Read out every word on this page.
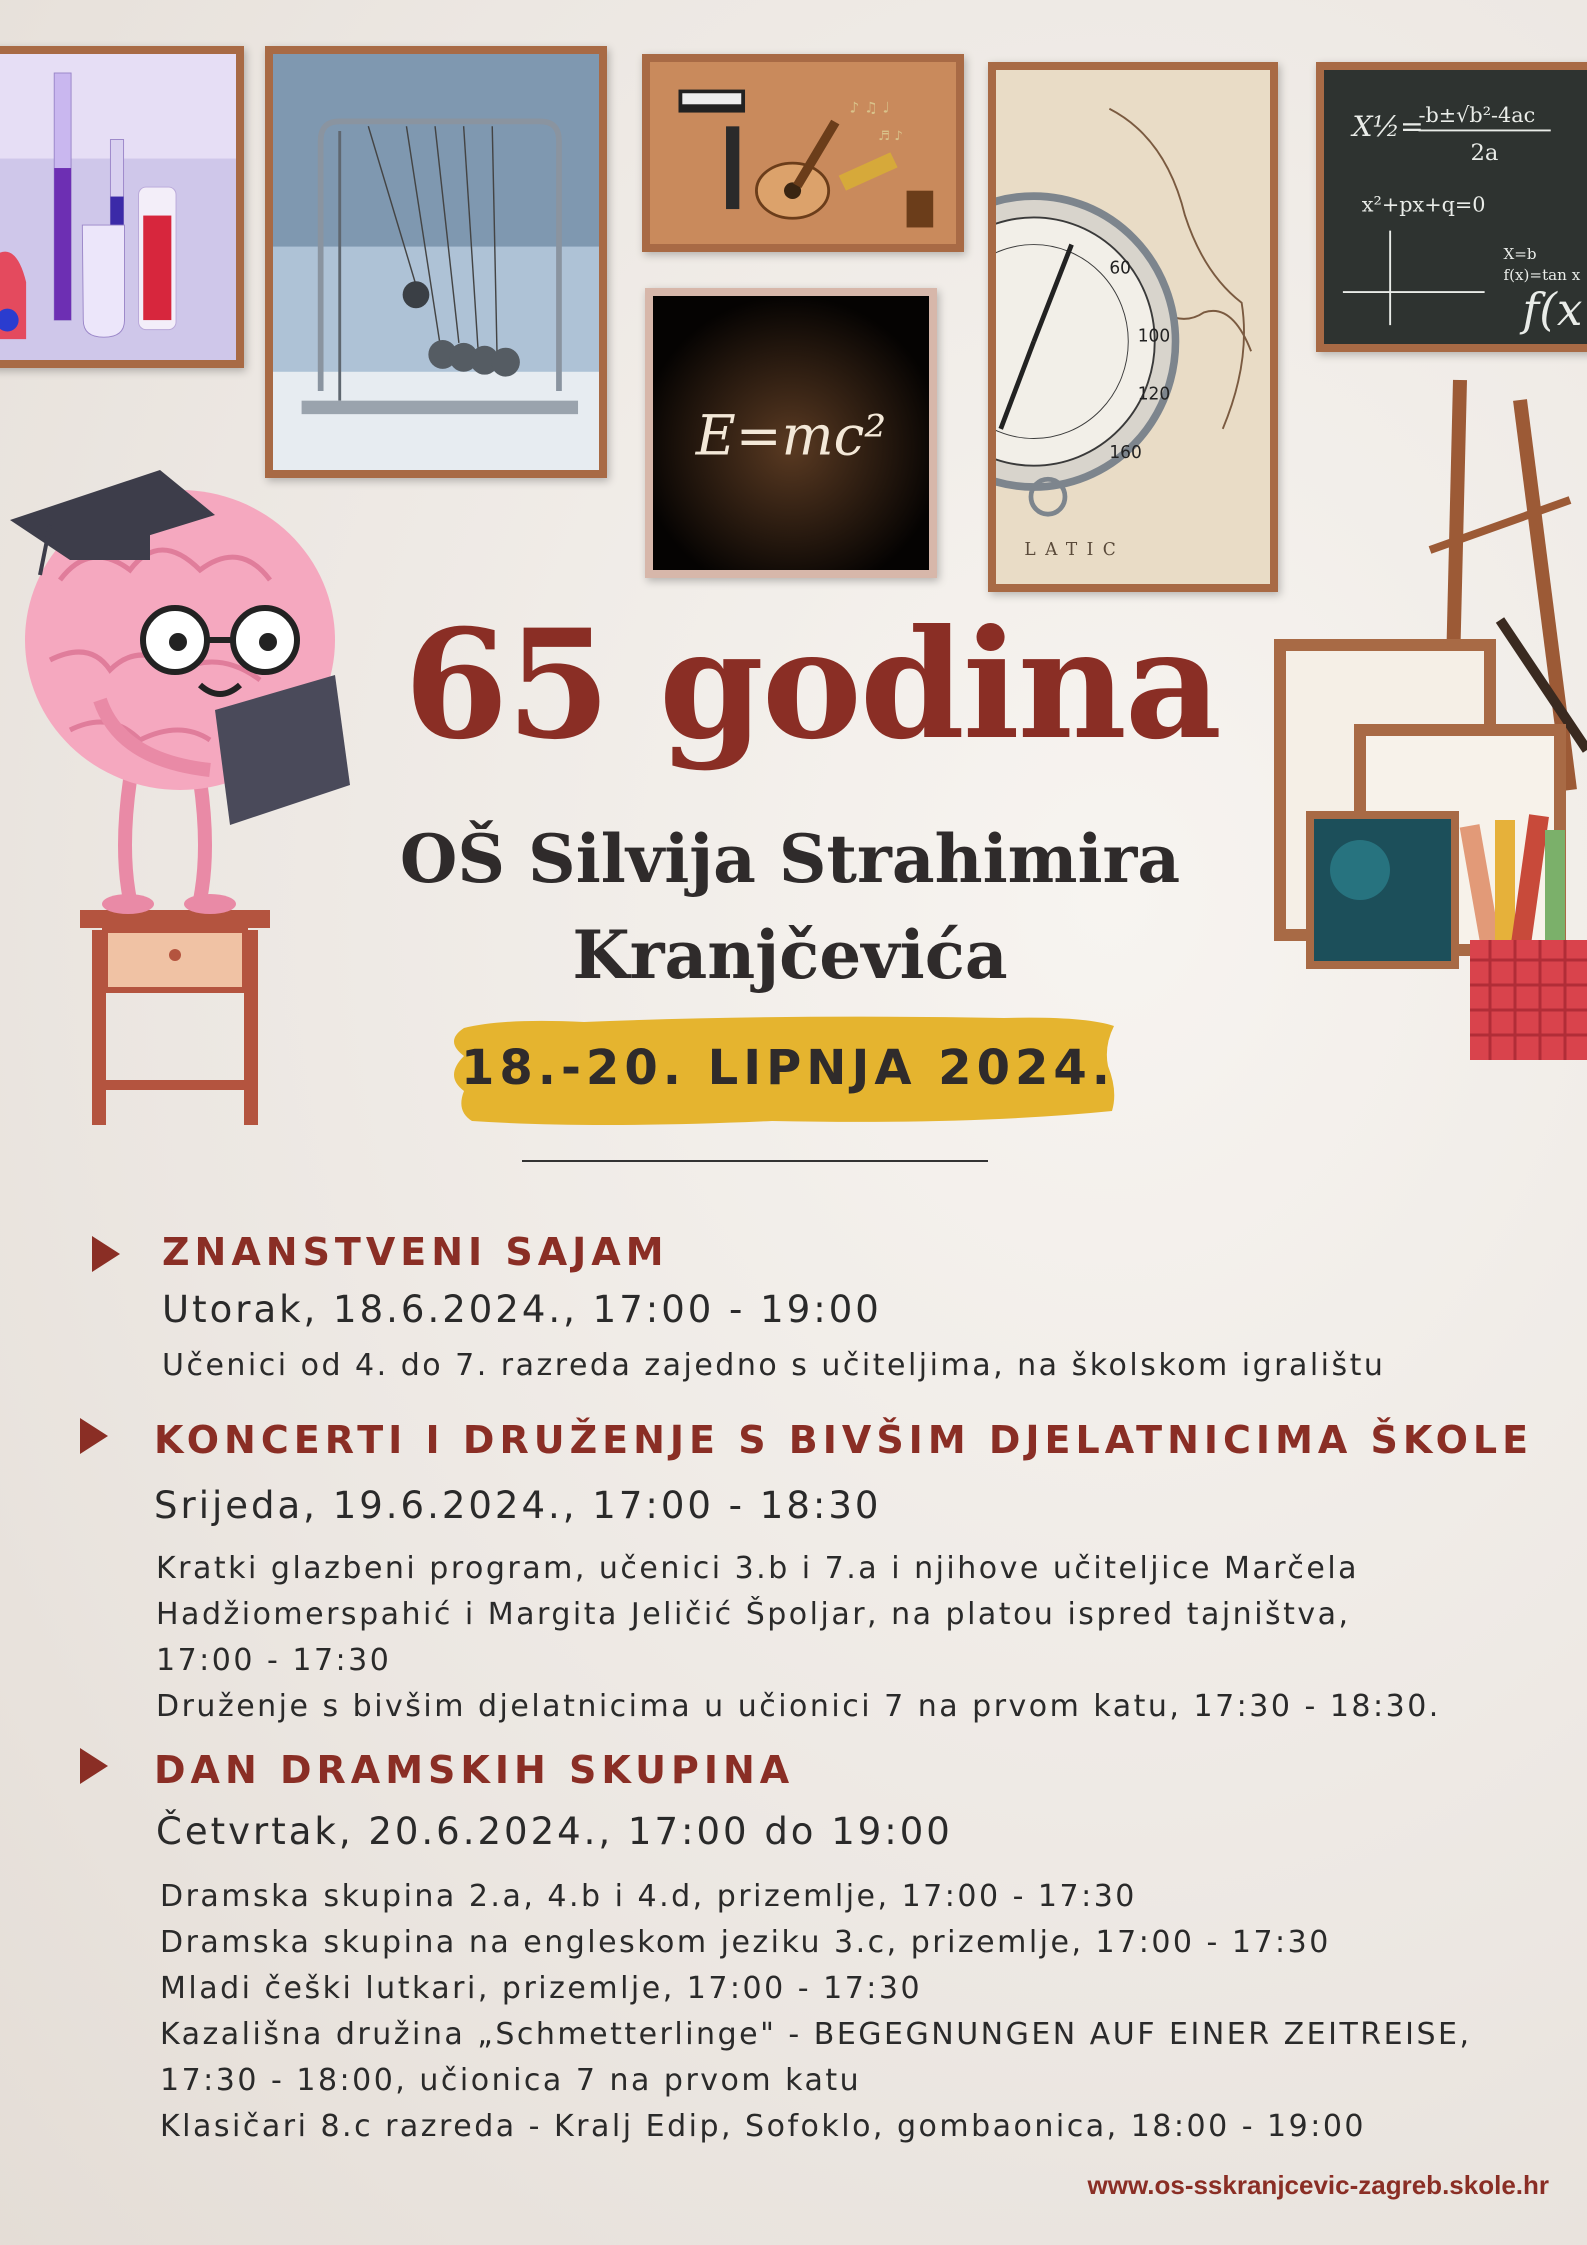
♪ ♫ ♩
♬ ♪
E=mc²
60
100
120
160
LATIC
X½=
-b±√b²-4ac
2a
x²+px+q=0
X=b
f(x)=tan x
f(x
65 godina
OŠ Silvija Strahimira
Kranjčevića
18.-20. LIPNJA 2024.
ZNANSTVENI SAJAM
Utorak, 18.6.2024., 17:00 - 19:00
Učenici od 4. do 7. razreda zajedno s učiteljima, na školskom igralištu
KONCERTI I DRUŽENJE S BIVŠIM DJELATNICIMA ŠKOLE
Srijeda, 19.6.2024., 17:00 - 18:30
Kratki glazbeni program, učenici 3.b i 7.a i njihove učiteljice Marčela
Hadžiomerspahić i Margita Jeličić Špoljar, na platou ispred tajništva,
17:00 - 17:30
Druženje s bivšim djelatnicima u učionici 7 na prvom katu, 17:30 - 18:30.
DAN DRAMSKIH SKUPINA
Četvrtak, 20.6.2024., 17:00 do 19:00
Dramska skupina 2.a, 4.b i 4.d, prizemlje, 17:00 - 17:30
Dramska skupina na engleskom jeziku 3.c, prizemlje, 17:00 - 17:30
Mladi češki lutkari, prizemlje, 17:00 - 17:30
Kazališna družina „Schmetterlinge" - BEGEGNUNGEN AUF EINER ZEITREISE,
17:30 - 18:00, učionica 7 na prvom katu
Klasičari 8.c razreda - Kralj Edip, Sofoklo, gombaonica, 18:00 - 19:00
www.os-sskranjcevic-zagreb.skole.hr
